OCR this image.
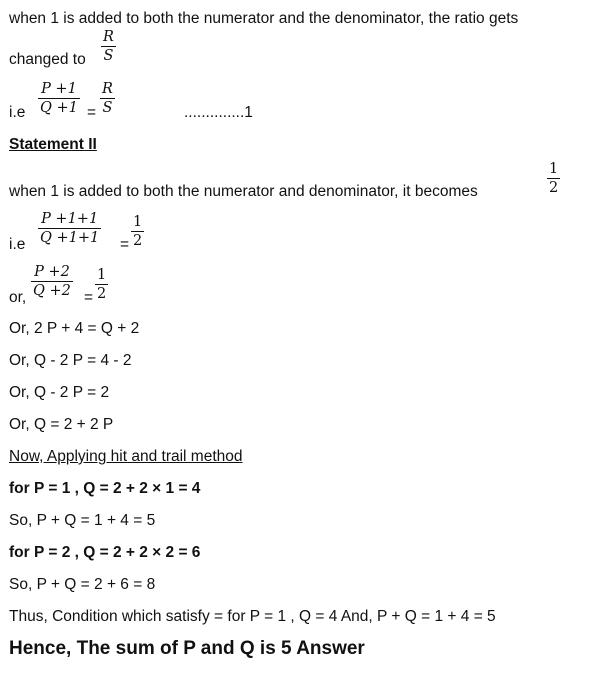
when 1 is added to both the numerator and the denominator, the ratio gets
changed to $\frac{R}{S}$
$i.e \frac{P +1}{Q +1} = \frac{R}{S}$	..............1
Statement II
when 1 is added to both the numerator and denominator, it becomes	$\frac{1}{2}$
$i.e \frac{P +1+1}{Q +1+1} = \frac{1}{2}$
or, $\frac{P +2}{Q +2} = \frac{1}{2}$
Or, 2 P + 4 = Q + 2
Or, Q - 2 P = 4 - 2
Or, Q - 2 P = 2
Or, Q = 2 + 2 P
Now, Applying hit and trail method
for P = 1 , Q = 2 + 2 × 1 = 4
So, P + Q = 1 + 4 = 5
for P = 2 , Q = 2 + 2 × 2 = 6
So, P + Q = 2 + 6 = 8
Thus, Condition which satisfy = for P = 1 , Q = 4 And, P + Q = 1 + 4 = 5
Hence, The sum of P and Q is 5 Answer
